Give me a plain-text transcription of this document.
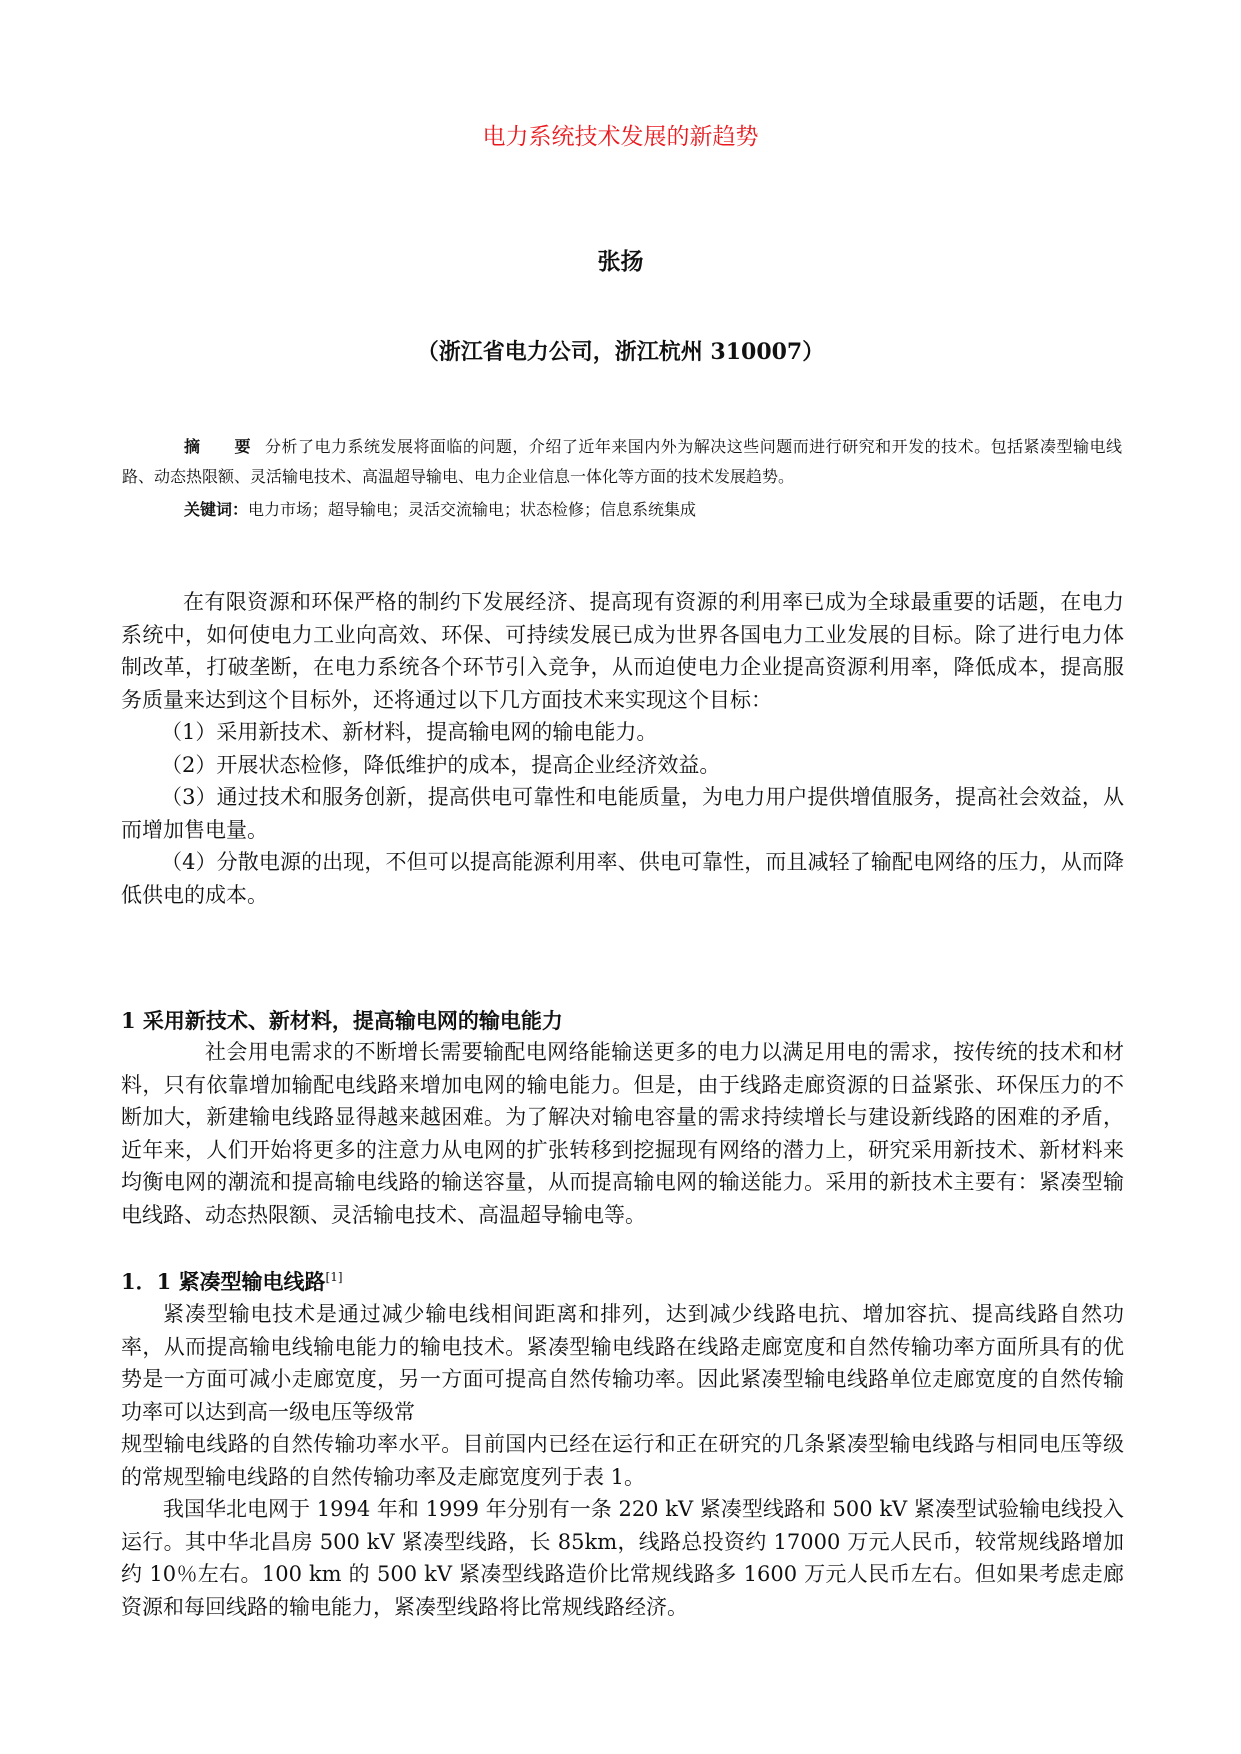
电力系统技术发展的新趋势
张扬
（浙江省电力公司，浙江杭州 310007）
摘 要分析了电力系统发展将面临的问题，介绍了近年来国内外为解决这些问题而进行研究和开发的技术。包括紧凑型输电线路、动态热限额、灵活输电技术、高温超导输电、电力企业信息一体化等方面的技术发展趋势。
关键词：电力市场；超导输电；灵活交流输电；状态检修；信息系统集成

在有限资源和环保严格的制约下发展经济、提高现有资源的利用率已成为全球最重要的话题，在电力系统中，如何使电力工业向高效、环保、可持续发展已成为世界各国电力工业发展的目标。除了进行电力体制改革，打破垄断，在电力系统各个环节引入竞争，从而迫使电力企业提高资源利用率，降低成本，提高服务质量来达到这个目标外，还将通过以下几方面技术来实现这个目标：

（1）采用新技术、新材料，提高输电网的输电能力。

（2）开展状态检修，降低维护的成本，提高企业经济效益。

（3）通过技术和服务创新，提高供电可靠性和电能质量，为电力用户提供增值服务，提高社会效益，从而增加售电量。

（4）分散电源的出现，不但可以提高能源利用率、供电可靠性，而且减轻了输配电网络的压力，从而降低供电的成本。

1 采用新技术、新材料，提高输电网的输电能力
社会用电需求的不断增长需要输配电网络能输送更多的电力以满足用电的需求，按传统的技术和材料，只有依靠增加输配电线路来增加电网的输电能力。但是，由于线路走廊资源的日益紧张、环保压力的不断加大，新建输电线路显得越来越困难。为了解决对输电容量的需求持续增长与建设新线路的困难的矛盾，近年来，人们开始将更多的注意力从电网的扩张转移到挖掘现有网络的潜力上，研究采用新技术、新材料来均衡电网的潮流和提高输电线路的输送容量，从而提高输电网的输送能力。采用的新技术主要有：紧凑型输电线路、动态热限额、灵活输电技术、高温超导输电等。
1．1 紧凑型输电线路[1]

紧凑型输电技术是通过减少输电线相间距离和排列，达到减少线路电抗、增加容抗、提高线路自然功率，从而提高输电线输电能力的输电技术。紧凑型输电线路在线路走廊宽度和自然传输功率方面所具有的优势是一方面可减小走廊宽度，另一方面可提高自然传输功率。因此紧凑型输电线路单位走廊宽度的自然传输功率可以达到高一级电压等级常

规型输电线路的自然传输功率水平。目前国内已经在运行和正在研究的几条紧凑型输电线路与相同电压等级的常规型输电线路的自然传输功率及走廊宽度列于表 1。

我国华北电网于 1994 年和 1999 年分别有一条 220 kV 紧凑型线路和 500 kV 紧凑型试验输电线投入运行。其中华北昌房 500 kV 紧凑型线路，长 85km，线路总投资约 17000 万元人民币，较常规线路增加约 10％左右。100 km 的 500 kV 紧凑型线路造价比常规线路多 1600 万元人民币左右。但如果考虑走廊资源和每回线路的输电能力，紧凑型线路将比常规线路经济。
